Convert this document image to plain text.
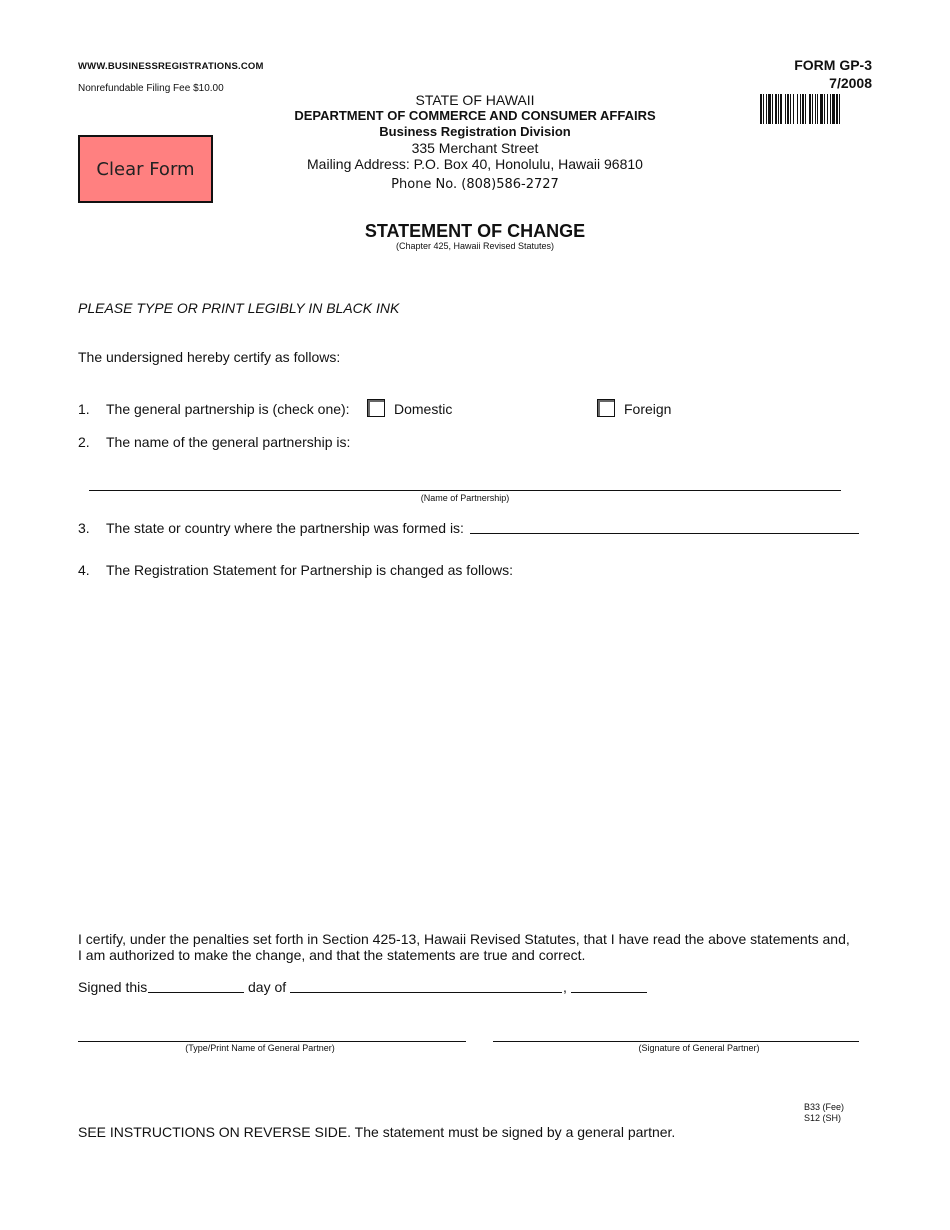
WWW.BUSINESSREGISTRATIONS.COM
Nonrefundable Filing Fee $10.00
FORM GP-3
7/2008
STATE OF HAWAII
DEPARTMENT OF COMMERCE AND CONSUMER AFFAIRS
Business Registration Division
335 Merchant Street
Mailing Address: P.O. Box 40, Honolulu, Hawaii 96810
Phone No. (808)586-2727
Clear Form
STATEMENT OF CHANGE
(Chapter 425, Hawaii Revised Statutes)
PLEASE TYPE OR PRINT LEGIBLY IN BLACK INK
The undersigned hereby certify as follows:
1. The general partnership is (check one):	Domestic	Foreign
2. The name of the general partnership is:
(Name of Partnership)
3. The state or country where the partnership was formed is:
4. The Registration Statement for Partnership is changed as follows:
I certify, under the penalties set forth in Section 425-13, Hawaii Revised Statutes, that I have read the above statements and,
I am authorized to make the change, and that the statements are true and correct.
Signed this	day of	,
(Type/Print Name of General Partner)	(Signature of General Partner)
B33 (Fee)
S12 (SH)
SEE INSTRUCTIONS ON REVERSE SIDE. The statement must be signed by a general partner.
